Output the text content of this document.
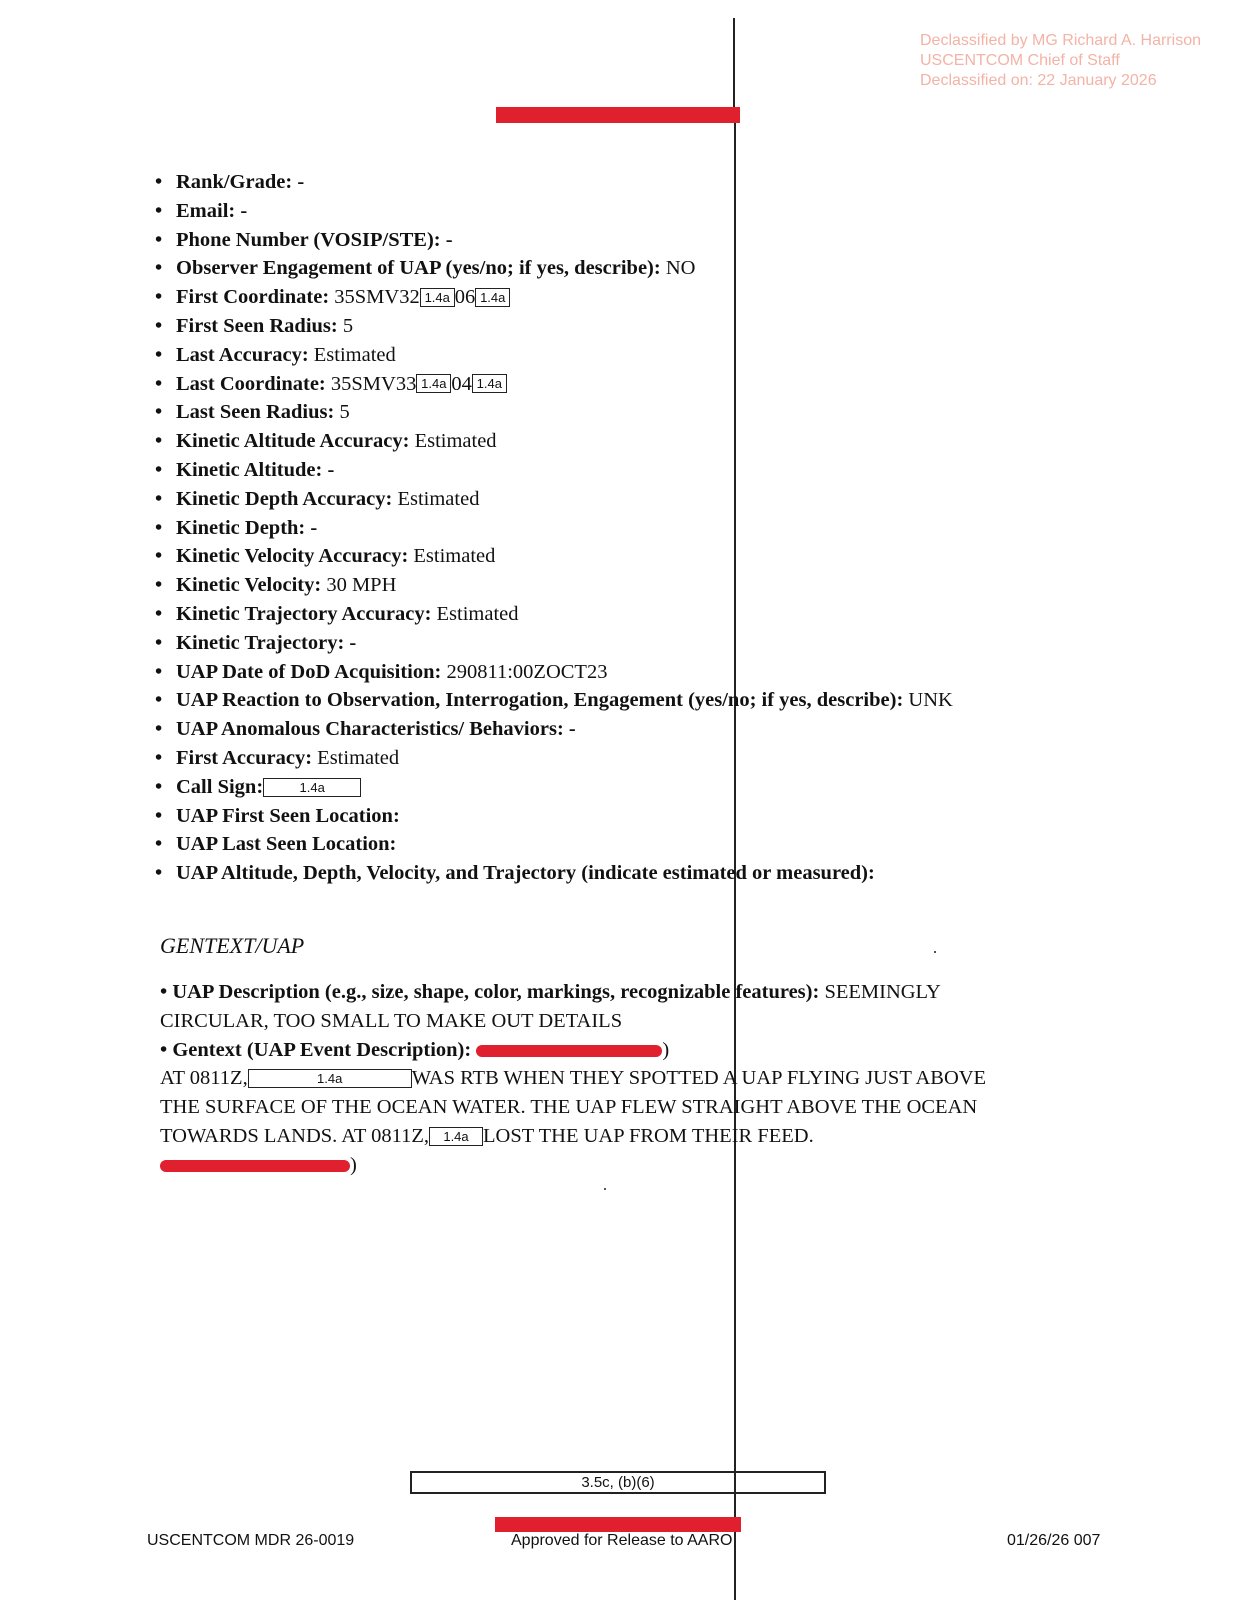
Declassified by MG Richard A. Harrison
USCENTCOM Chief of Staff
Declassified on: 22 January 2026
• Rank/Grade: -
• Email: -
• Phone Number (VOSIP/STE): -
• Observer Engagement of UAP (yes/no; if yes, describe): NO
• First Coordinate: 35SMV32 1.4a 06 1.4a
• First Seen Radius: 5
• Last Accuracy: Estimated
• Last Coordinate: 35SMV33 1.4a 04 1.4a
• Last Seen Radius: 5
• Kinetic Altitude Accuracy: Estimated
• Kinetic Altitude: -
• Kinetic Depth Accuracy: Estimated
• Kinetic Depth: -
• Kinetic Velocity Accuracy: Estimated
• Kinetic Velocity: 30 MPH
• Kinetic Trajectory Accuracy: Estimated
• Kinetic Trajectory: -
• UAP Date of DoD Acquisition: 290811:00ZOCT23
• UAP Reaction to Observation, Interrogation, Engagement (yes/no; if yes, describe): UNK
• UAP Anomalous Characteristics/ Behaviors: -
• First Accuracy: Estimated
• Call Sign:	1.4a
• UAP First Seen Location:
• UAP Last Seen Location:
• UAP Altitude, Depth, Velocity, and Trajectory (indicate estimated or measured):
GENTEXT/UAP
• UAP Description (e.g., size, shape, color, markings, recognizable features): SEEMINGLY
CIRCULAR, TOO SMALL TO MAKE OUT DETAILS
• Gentext (UAP Event Description):	)
AT 0811Z,	1.4a	WAS RTB WHEN THEY SPOTTED A UAP FLYING JUST ABOVE
THE SURFACE OF THE OCEAN WATER. THE UAP FLEW STRAIGHT ABOVE THE OCEAN
TOWARDS LANDS. AT 0811Z, 1.4a LOST THE UAP FROM THEIR FEED.
)
3.5c, (b)(6)
USCENTCOM MDR 26-0019	Approved for Release to AARO	01/26/26 007
